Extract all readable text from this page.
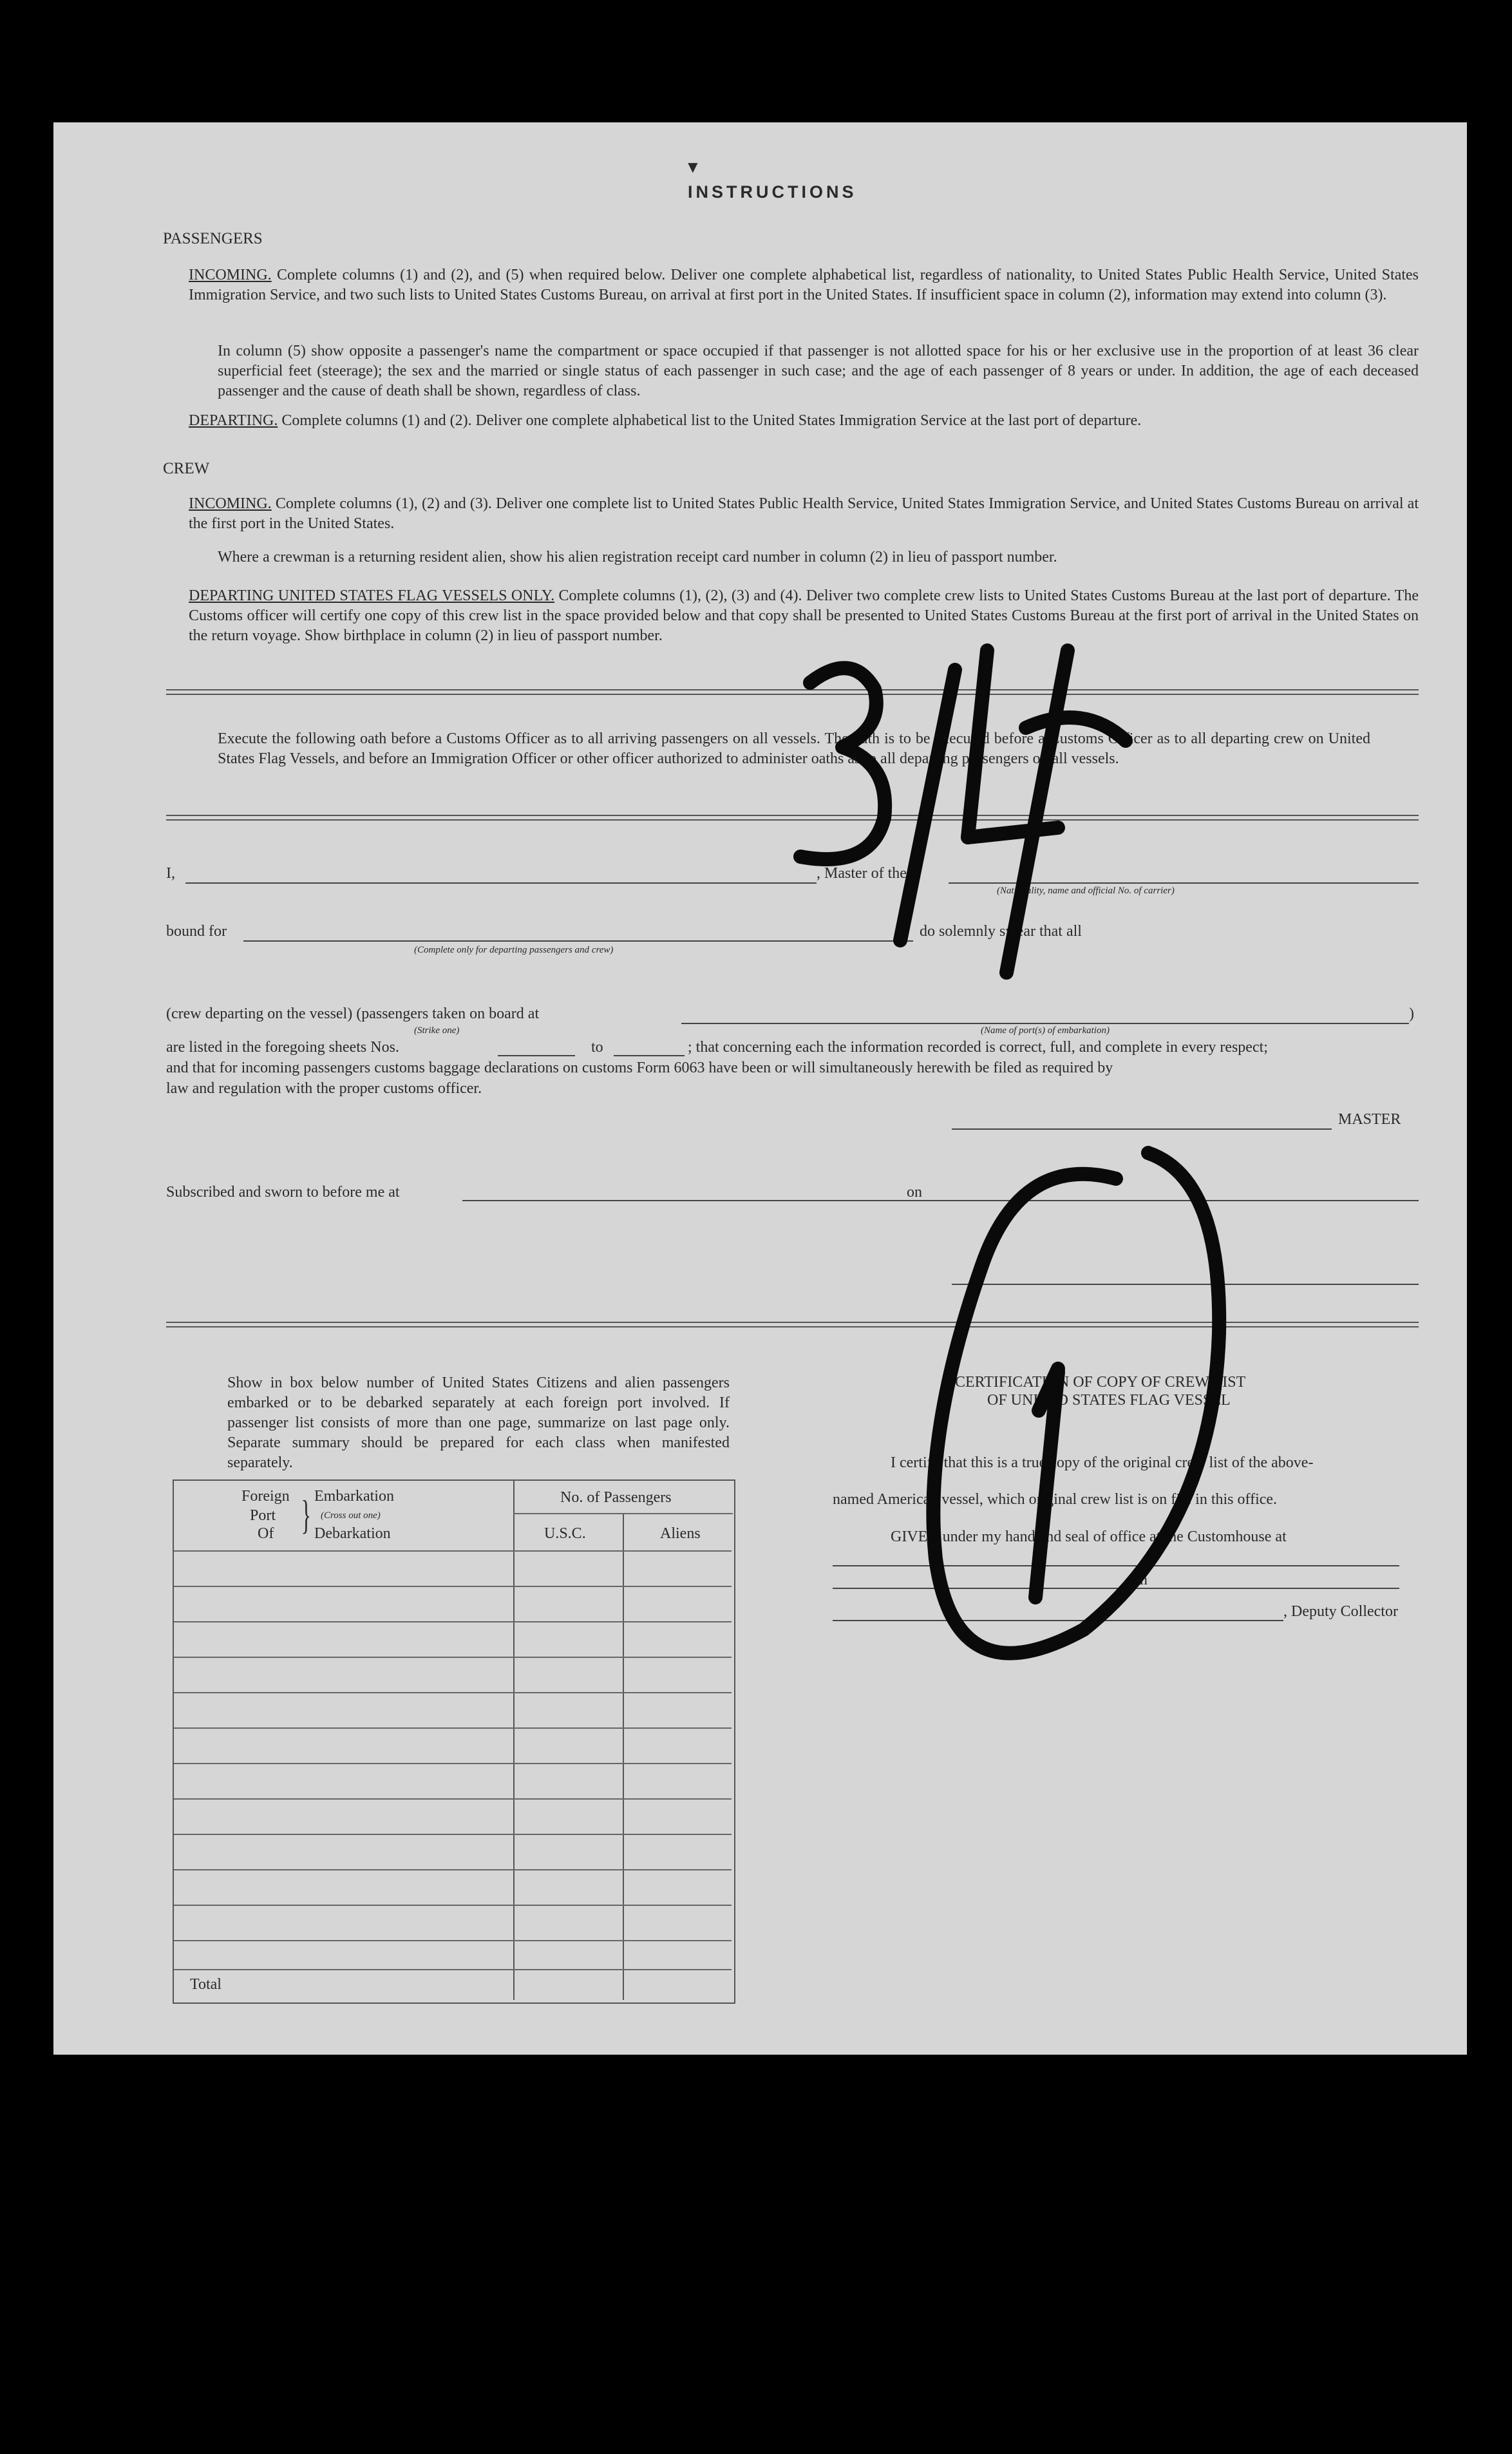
▼
INSTRUCTIONS
PASSENGERS
INCOMING. Complete columns (1) and (2), and (5) when required below. Deliver one complete alphabetical list, regardless of nationality, to United States Public Health Service, United States Immigration Service, and two such lists to United States Customs Bureau, on arrival at first port in the United States. If insufficient space in column (2), information may extend into column (3).
In column (5) show opposite a passenger's name the compartment or space occupied if that passenger is not allotted space for his or her exclusive use in the proportion of at least 36 clear superficial feet (steerage); the sex and the married or single status of each passenger in such case; and the age of each passenger of 8 years or under. In addition, the age of each deceased passenger and the cause of death shall be shown, regardless of class.
DEPARTING. Complete columns (1) and (2). Deliver one complete alphabetical list to the United States Immigration Service at the last port of departure.
CREW
INCOMING. Complete columns (1), (2) and (3). Deliver one complete list to United States Public Health Service, United States Immigration Service, and United States Customs Bureau on arrival at the first port in the United States.
Where a crewman is a returning resident alien, show his alien registration receipt card number in column (2) in lieu of passport number.
DEPARTING UNITED STATES FLAG VESSELS ONLY. Complete columns (1), (2), (3) and (4). Deliver two complete crew lists to United States Customs Bureau at the last port of departure. The Customs officer will certify one copy of this crew list in the space provided below and that copy shall be presented to United States Customs Bureau at the first port of arrival in the United States on the return voyage. Show birthplace in column (2) in lieu of passport number.
Execute the following oath before a Customs Officer as to all arriving passengers on all vessels. The oath is to be executed before a Customs Officer as to all departing crew on United States Flag Vessels, and before an Immigration Officer or other officer authorized to administer oaths as to all departing passengers on all vessels.
I,	, Master of the
(Nationality, name and official No. of carrier)
bound for	do solemnly swear that all
(Complete only for departing passengers and crew)
(crew departing on the vessel) (passengers taken on board at	)
(Strike one)	(Name of port(s) of embarkation)
are listed in the foregoing sheets Nos.	to	; that concerning each the information recorded is correct, full, and complete in every respect;
and that for incoming passengers customs baggage declarations on customs Form 6063 have been or will simultaneously herewith be filed as required by
law and regulation with the proper customs officer.
MASTER
Subscribed and sworn to before me at	on
Show in box below number of United States Citizens and alien passengers embarked or to be debarked separately at each foreign port involved. If passenger list consists of more than one page, summarize on last page only. Separate summary should be prepared for each class when manifested separately.
Foreign
Port
Of } Embarkation
(Cross out one)
Debarkation
No. of Passengers
U.S.C.	Aliens
Total
CERTIFICATION OF COPY OF CREW LIST
OF UNITED STATES FLAG VESSEL
I certify that this is a true copy of the original crew list of the above-
named American vessel, which original crew list is on file in this office.
GIVEN under my hand and seal of office at the Customhouse at
on
, Deputy Collector
